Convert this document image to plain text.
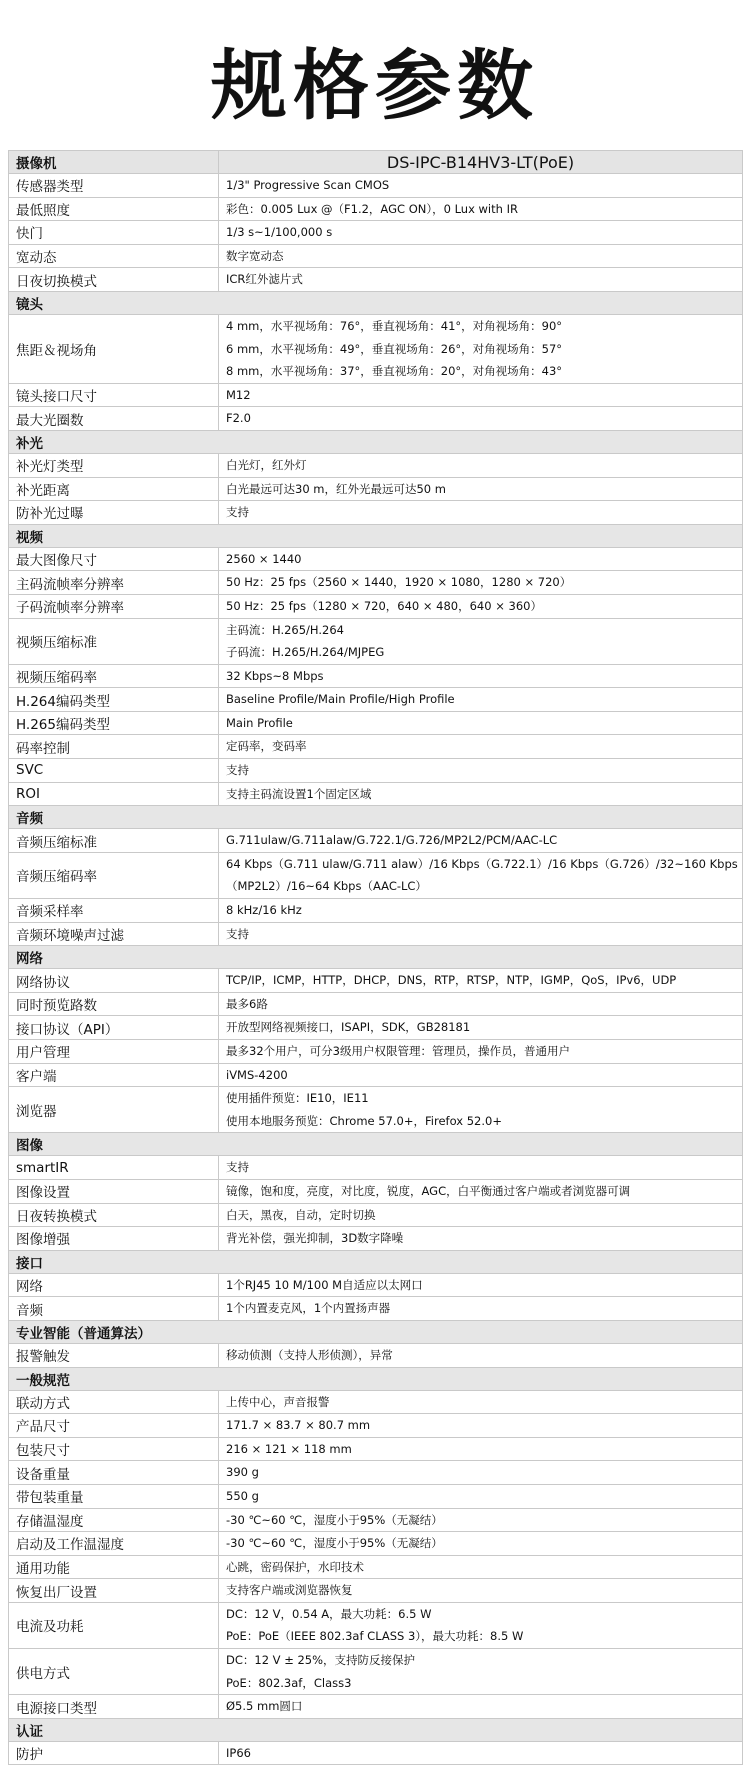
规格参数
摄像机	DS-IPC-B14HV3-LT(PoE)
传感器类型	1/3" Progressive Scan CMOS

最低照度	彩色：0.005 Lux @（F1.2，AGC ON），0 Lux with IR

快门	1/3 s~1/100,000 s

宽动态	数字宽动态

日夜切换模式	ICR红外滤片式

镜头	
焦距＆视场角	4 mm，水平视场角：76°，垂直视场角：41°，对角视场角：90°
6 mm，水平视场角：49°，垂直视场角：26°，对角视场角：57°
8 mm，水平视场角：37°，垂直视场角：20°，对角视场角：43°

镜头接口尺寸	M12

最大光圈数	F2.0

补光	
补光灯类型	白光灯，红外灯

补光距离	白光最远可达30 m，红外光最远可达50 m

防补光过曝	支持

视频	
最大图像尺寸	2560 × 1440

主码流帧率分辨率	50 Hz：25 fps（2560 × 1440，1920 × 1080，1280 × 720）

子码流帧率分辨率	50 Hz：25 fps（1280 × 720，640 × 480，640 × 360）

视频压缩标准	主码流：H.265/H.264
子码流：H.265/H.264/MJPEG

视频压缩码率	32 Kbps~8 Mbps

H.264编码类型	Baseline Profile/Main Profile/High Profile

H.265编码类型	Main Profile

码率控制	定码率，变码率

SVC	支持

ROI	支持主码流设置1个固定区域

音频	
音频压缩标准	G.711ulaw/G.711alaw/G.722.1/G.726/MP2L2/PCM/AAC-LC

音频压缩码率	64 Kbps（G.711 ulaw/G.711 alaw）/16 Kbps（G.722.1）/16 Kbps（G.726）/32~160 Kbps
（MP2L2）/16~64 Kbps（AAC-LC）

音频采样率	8 kHz/16 kHz

音频环境噪声过滤	支持

网络	
网络协议	TCP/IP，ICMP，HTTP，DHCP，DNS，RTP，RTSP，NTP，IGMP，QoS，IPv6，UDP

同时预览路数	最多6路

接口协议（API）	开放型网络视频接口，ISAPI，SDK，GB28181

用户管理	最多32个用户，可分3级用户权限管理：管理员，操作员，普通用户

客户端	iVMS-4200

浏览器	使用插件预览：IE10，IE11
使用本地服务预览：Chrome 57.0+，Firefox 52.0+

图像	
smartIR	支持

图像设置	镜像，饱和度，亮度，对比度，锐度，AGC，白平衡通过客户端或者浏览器可调

日夜转换模式	白天，黑夜，自动，定时切换

图像增强	背光补偿，强光抑制，3D数字降噪

接口	
网络	1个RJ45 10 M/100 M自适应以太网口

音频	1个内置麦克风，1个内置扬声器

专业智能（普通算法）	
报警触发	移动侦测（支持人形侦测），异常

一般规范	
联动方式	上传中心，声音报警

产品尺寸	171.7 × 83.7 × 80.7 mm

包装尺寸	216 × 121 × 118 mm

设备重量	390 g

带包装重量	550 g

存储温湿度	-30 ℃~60 ℃，湿度小于95%（无凝结）

启动及工作温湿度	-30 ℃~60 ℃，湿度小于95%（无凝结）

通用功能	心跳，密码保护，水印技术

恢复出厂设置	支持客户端或浏览器恢复

电流及功耗	DC：12 V，0.54 A，最大功耗：6.5 W
PoE：PoE（IEEE 802.3af CLASS 3），最大功耗：8.5 W

供电方式	DC：12 V ± 25%，支持防反接保护
PoE：802.3af，Class3

电源接口类型	Ø5.5 mm圆口

认证	
防护	IP66
